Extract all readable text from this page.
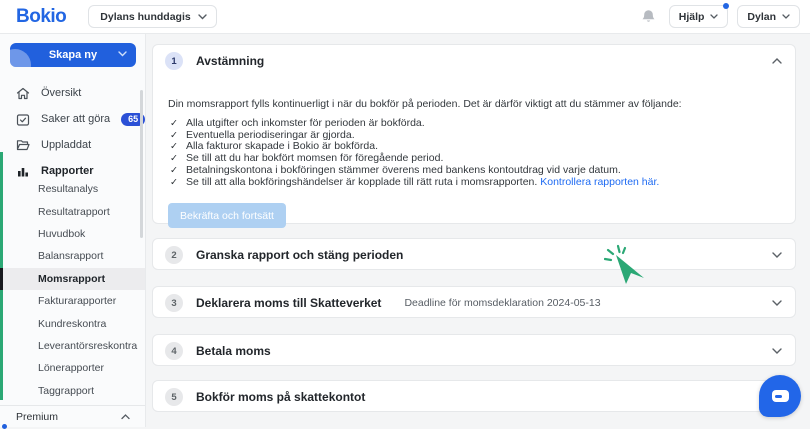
Bokio	Dylans hunddagis	Hjälp	Dylan
Skapa ny
Översikt
Saker att göra	65
Uppladdat
Rapporter
Resultanalys
Resultatrapport
Huvudbok
Balansrapport
Momsrapport
Fakturarapporter
Kundreskontra
Leverantörsreskontra
Lönerapporter
Taggrapport
Premium
1	Avstämning

Din momsrapport fylls kontinuerligt i när du bokför på perioden. Det är därför viktigt att du stämmer av följande:

✓
Alla utgifter och inkomster för perioden är bokförda.
✓
Eventuella periodiseringar är gjorda.
✓
Alla fakturor skapade i Bokio är bokförda.
✓
Se till att du har bokfört momsen för föregående period.
✓
Betalningskontona i bokföringen stämmer överens med bankens kontoutdrag vid varje datum.
✓
Se till att alla bokföringshändelser är kopplade till rätt ruta i momsrapporten. Kontrollera rapporten här.
Bekräfta och fortsätt
2	Granska rapport och stäng perioden
3	Deklarera moms till Skatteverket Deadline för momsdeklaration 2024-05-13
4	Betala moms
5	Bokför moms på skattekontot
